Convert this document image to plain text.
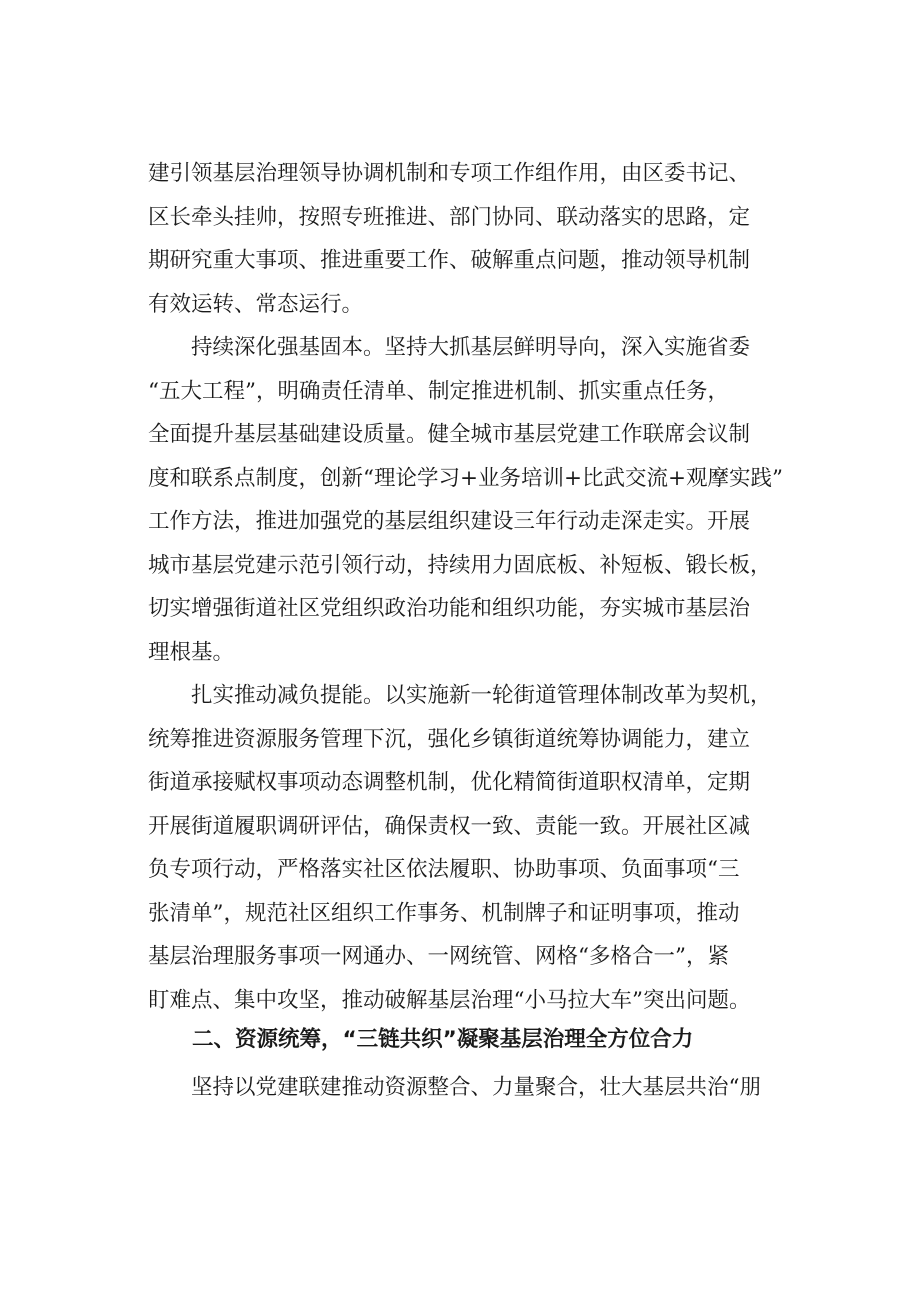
建引领基层治理领导协调机制和专项工作组作用，由区委书记、
区长牵头挂帅，按照专班推进、部门协同、联动落实的思路，定
期研究重大事项、推进重要工作、破解重点问题，推动领导机制
有效运转、常态运行。
持续深化强基固本。坚持大抓基层鲜明导向，深入实施省委
“五大工程”，明确责任清单、制定推进机制、抓实重点任务，
全面提升基层基础建设质量。健全城市基层党建工作联席会议制
度和联系点制度，创新“理论学习+业务培训+比武交流+观摩实践”
工作方法，推进加强党的基层组织建设三年行动走深走实。开展
城市基层党建示范引领行动，持续用力固底板、补短板、锻长板，
切实增强街道社区党组织政治功能和组织功能，夯实城市基层治
理根基。
扎实推动减负提能。以实施新一轮街道管理体制改革为契机，
统筹推进资源服务管理下沉，强化乡镇街道统筹协调能力，建立
街道承接赋权事项动态调整机制，优化精简街道职权清单，定期
开展街道履职调研评估，确保责权一致、责能一致。开展社区减
负专项行动，严格落实社区依法履职、协助事项、负面事项“三
张清单”，规范社区组织工作事务、机制牌子和证明事项，推动
基层治理服务事项一网通办、一网统管、网格“多格合一”，紧
盯难点、集中攻坚，推动破解基层治理“小马拉大车”突出问题。
二、资源统筹，“三链共织”凝聚基层治理全方位合力
坚持以党建联建推动资源整合、力量聚合，壮大基层共治“朋
